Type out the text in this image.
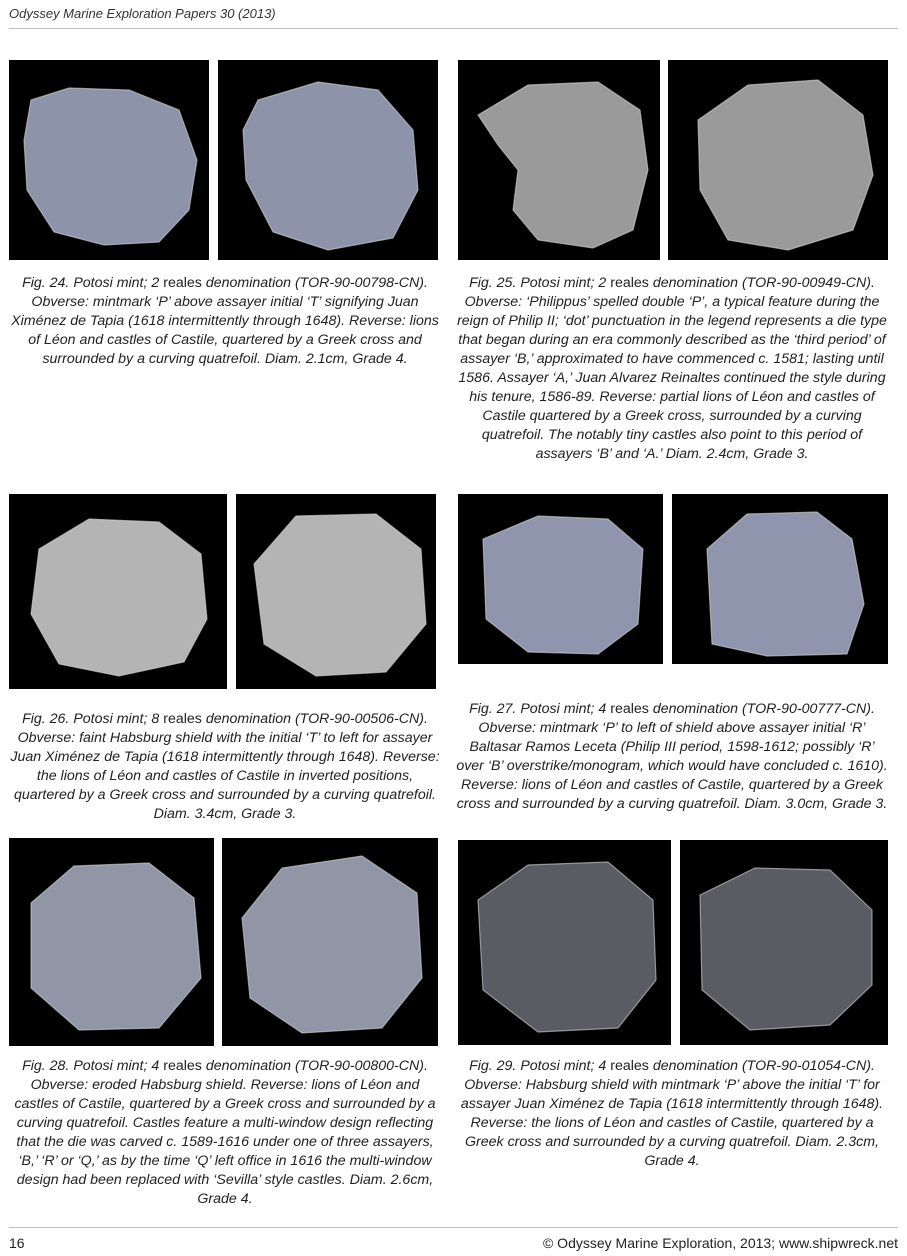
Odyssey Marine Exploration Papers 30 (2013)
Fig. 24. Potosi mint; 2 reales denomination (TOR-90-00798-CN). Obverse: mintmark ‘P’ above assayer initial ‘T’ signifying Juan Ximénez de Tapia (1618 intermittently through 1648). Reverse: lions of Léon and castles of Castile, quartered by a Greek cross and surrounded by a curving quatrefoil. Diam. 2.1cm, Grade 4.
Fig. 25. Potosi mint; 2 reales denomination (TOR-90-00949-CN). Obverse: ‘Philippus’ spelled double ‘P’, a typical feature during the reign of Philip II; ‘dot’ punctuation in the legend represents a die type that began during an era commonly described as the ‘third period’ of assayer ‘B,’ approximated to have commenced c. 1581; lasting until 1586. Assayer ‘A,’ Juan Alvarez Reinaltes continued the style during his tenure, 1586-89. Reverse: partial lions of Léon and castles of Castile quartered by a Greek cross, surrounded by a curving quatrefoil. The notably tiny castles also point to this period of assayers ‘B’ and ‘A.’ Diam. 2.4cm, Grade 3.
Fig. 26. Potosi mint; 8 reales denomination (TOR-90-00506-CN). Obverse: faint Habsburg shield with the initial ‘T’ to left for assayer Juan Ximénez de Tapia (1618 intermittently through 1648). Reverse: the lions of Léon and castles of Castile in inverted positions, quartered by a Greek cross and surrounded by a curving quatrefoil. Diam. 3.4cm, Grade 3.
Fig. 27. Potosi mint; 4 reales denomination (TOR-90-00777-CN). Obverse: mintmark ‘P’ to left of shield above assayer initial ‘R’ Baltasar Ramos Leceta (Philip III period, 1598-1612; possibly ‘R’ over ‘B’ overstrike/monogram, which would have concluded c. 1610). Reverse: lions of Léon and castles of Castile, quartered by a Greek cross and surrounded by a curving quatrefoil. Diam. 3.0cm, Grade 3.
Fig. 28. Potosi mint; 4 reales denomination (TOR-90-00800-CN). Obverse: eroded Habsburg shield. Reverse: lions of Léon and castles of Castile, quartered by a Greek cross and surrounded by a curving quatrefoil. Castles feature a multi-window design reflecting that the die was carved c. 1589-1616 under one of three assayers, ‘B,’ ‘R’ or ‘Q,’ as by the time ‘Q’ left office in 1616 the multi-window design had been replaced with ‘Sevilla’ style castles. Diam. 2.6cm, Grade 4.
Fig. 29. Potosi mint; 4 reales denomination (TOR-90-01054-CN). Obverse: Habsburg shield with mintmark ‘P’ above the initial ‘T’ for assayer Juan Ximénez de Tapia (1618 intermittently through 1648). Reverse: the lions of Léon and castles of Castile, quartered by a Greek cross and surrounded by a curving quatrefoil. Diam. 2.3cm, Grade 4.
16	© Odyssey Marine Exploration, 2013; www.shipwreck.net
